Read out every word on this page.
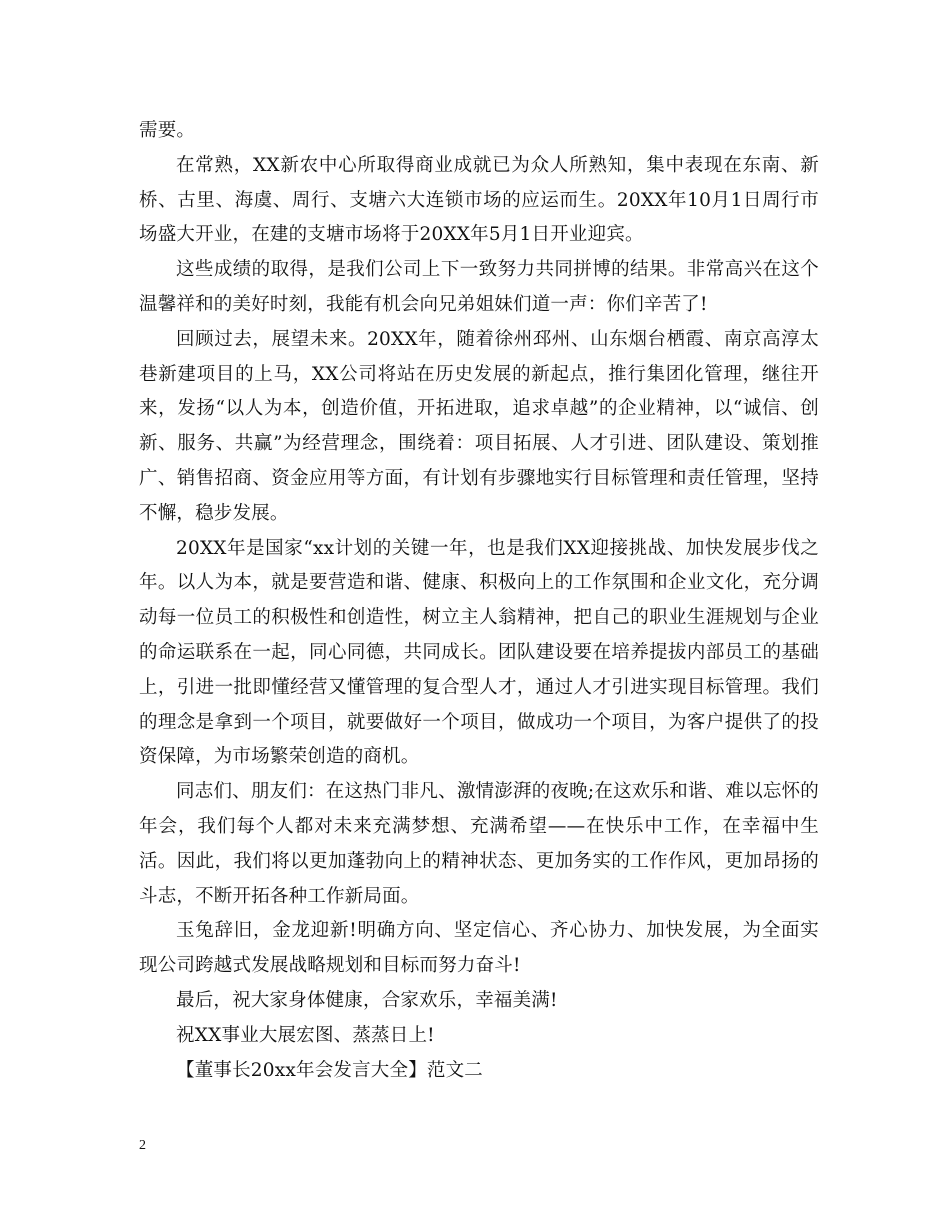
需要。

在常熟，XX新农中心所取得商业成就已为众人所熟知，集中表现在东南、新桥、古里、海虞、周行、支塘六大连锁市场的应运而生。20XX年10月1日周行市场盛大开业，在建的支塘市场将于20XX年5月1日开业迎宾。

这些成绩的取得，是我们公司上下一致努力共同拼博的结果。非常高兴在这个温馨祥和的美好时刻，我能有机会向兄弟姐妹们道一声：你们辛苦了!

回顾过去，展望未来。20XX年，随着徐州邳州、山东烟台栖霞、南京高淳太巷新建项目的上马，XX公司将站在历史发展的新起点，推行集团化管理，继往开来，发扬“以人为本，创造价值，开拓进取，追求卓越”的企业精神，以“诚信、创新、服务、共赢”为经营理念，围绕着：项目拓展、人才引进、团队建设、策划推广、销售招商、资金应用等方面，有计划有步骤地实行目标管理和责任管理，坚持不懈，稳步发展。

20XX年是国家“xx计划的关键一年，也是我们XX迎接挑战、加快发展步伐之年。以人为本，就是要营造和谐、健康、积极向上的工作氛围和企业文化，充分调动每一位员工的积极性和创造性，树立主人翁精神，把自己的职业生涯规划与企业的命运联系在一起，同心同德，共同成长。团队建设要在培养提拔内部员工的基础上，引进一批即懂经营又懂管理的复合型人才，通过人才引进实现目标管理。我们的理念是拿到一个项目，就要做好一个项目，做成功一个项目，为客户提供了的投资保障，为市场繁荣创造的商机。

同志们、朋友们：在这热门非凡、激情澎湃的夜晚;在这欢乐和谐、难以忘怀的年会，我们每个人都对未来充满梦想、充满希望——在快乐中工作，在幸福中生活。因此，我们将以更加蓬勃向上的精神状态、更加务实的工作作风，更加昂扬的斗志，不断开拓各种工作新局面。

玉兔辞旧，金龙迎新!明确方向、坚定信心、齐心协力、加快发展，为全面实现公司跨越式发展战略规划和目标而努力奋斗!

最后，祝大家身体健康，合家欢乐，幸福美满!

祝XX事业大展宏图、蒸蒸日上!

【董事长20xx年会发言大全】范文二

2
